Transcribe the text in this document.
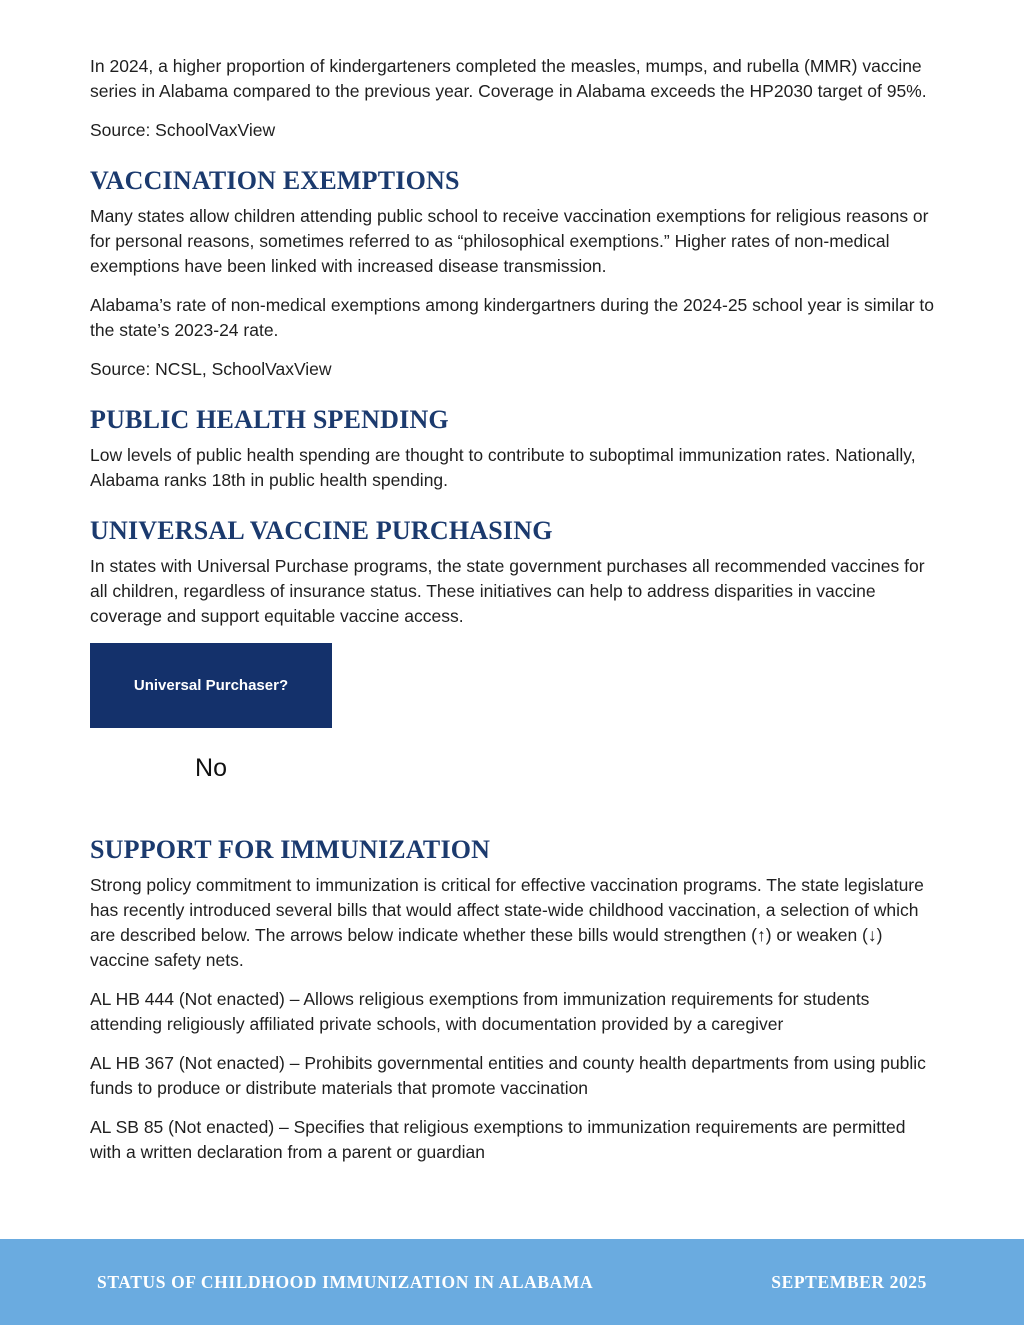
In 2024, a higher proportion of kindergarteners completed the measles, mumps, and rubella (MMR) vaccine series in Alabama compared to the previous year. Coverage in Alabama exceeds the HP2030 target of 95%.

Source: SchoolVaxView

VACCINATION EXEMPTIONS

Many states allow children attending public school to receive vaccination exemptions for religious reasons or for personal reasons, sometimes referred to as “philosophical exemptions.” Higher rates of non-medical exemptions have been linked with increased disease transmission.

Alabama’s rate of non-medical exemptions among kindergartners during the 2024-25 school year is similar to the state’s 2023-24 rate.

Source: NCSL, SchoolVaxView

PUBLIC HEALTH SPENDING

Low levels of public health spending are thought to contribute to suboptimal immunization rates. Nationally, Alabama ranks 18th in public health spending.

UNIVERSAL VACCINE PURCHASING

In states with Universal Purchase programs, the state government purchases all recommended vaccines for all children, regardless of insurance status. These initiatives can help to address disparities in vaccine coverage and support equitable vaccine access.

Universal Purchaser?
No
SUPPORT FOR IMMUNIZATION

Strong policy commitment to immunization is critical for effective vaccination programs. The state legislature has recently introduced several bills that would affect state-wide childhood vaccination, a selection of which are described below. The arrows below indicate whether these bills would strengthen (↑) or weaken (↓) vaccine safety nets.

AL HB 444 (Not enacted) – Allows religious exemptions from immunization requirements for students attending religiously affiliated private schools, with documentation provided by a caregiver

AL HB 367 (Not enacted) – Prohibits governmental entities and county health departments from using public funds to produce or distribute materials that promote vaccination

AL SB 85 (Not enacted) – Specifies that religious exemptions to immunization requirements are permitted with a written declaration from a parent or guardian

STATUS OF CHILDHOOD IMMUNIZATION IN ALABAMA	SEPTEMBER 2025
